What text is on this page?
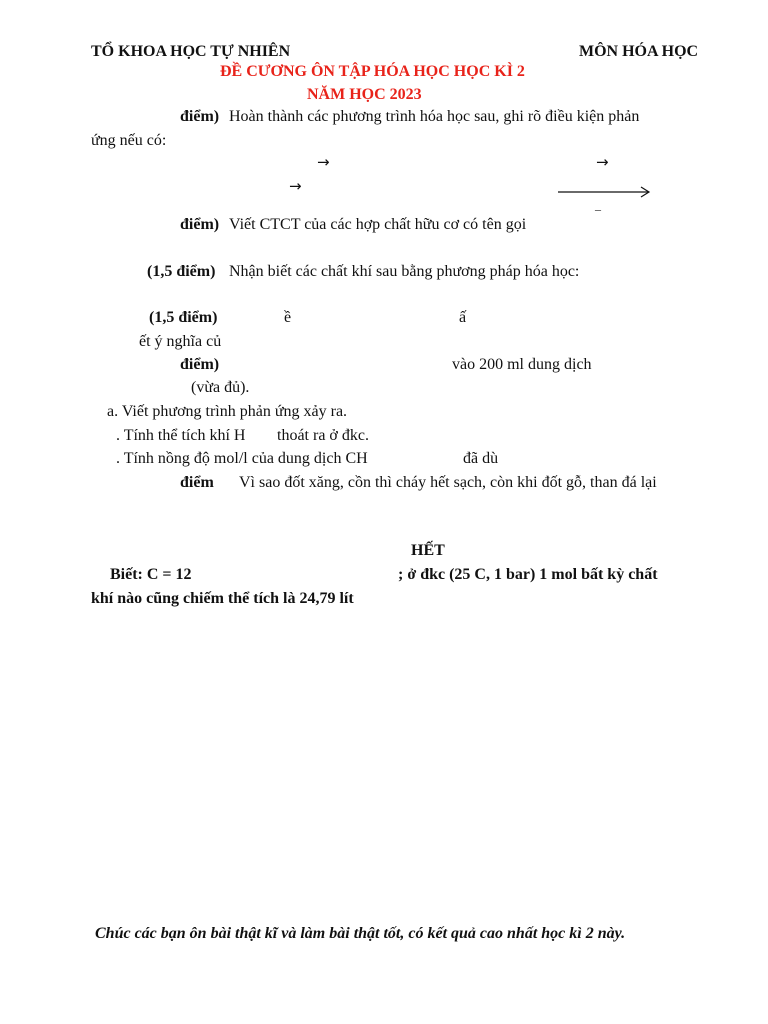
TỔ KHOA HỌC TỰ NHIÊN	MÔN HÓA HỌC
ĐỀ CƯƠNG ÔN TẬP HÓA HỌC HỌC KÌ 2
NĂM HỌC 2023
điểm) Hoàn thành các phương trình hóa học sau, ghi rõ điều kiện phản
ứng nếu có:
→	→
→
_
điểm) Viết CTCT của các hợp chất hữu cơ có tên gọi
(1,5 điểm) Nhận biết các chất khí sau bằng phương pháp hóa học:
(1,5 điểm)	ề	ấ
ết ý nghĩa củ
điểm)	vào 200 ml dung dịch
(vừa đủ).
a. Viết phương trình phản ứng xảy ra.
. Tính thể tích khí H thoát ra ở đkc.
. Tính nồng độ mol/l của dung dịch CH	đã dù
điểm Vì sao đốt xăng, cồn thì cháy hết sạch, còn khi đốt gỗ, than đá lại
HẾT
Biết: C = 12	; ở đkc (25 C, 1 bar) 1 mol bất kỳ chất
khí nào cũng chiếm thể tích là 24,79 lít
Chúc các bạn ôn bài thật kĩ và làm bài thật tốt, có kết quả cao nhất học kì 2 này.
